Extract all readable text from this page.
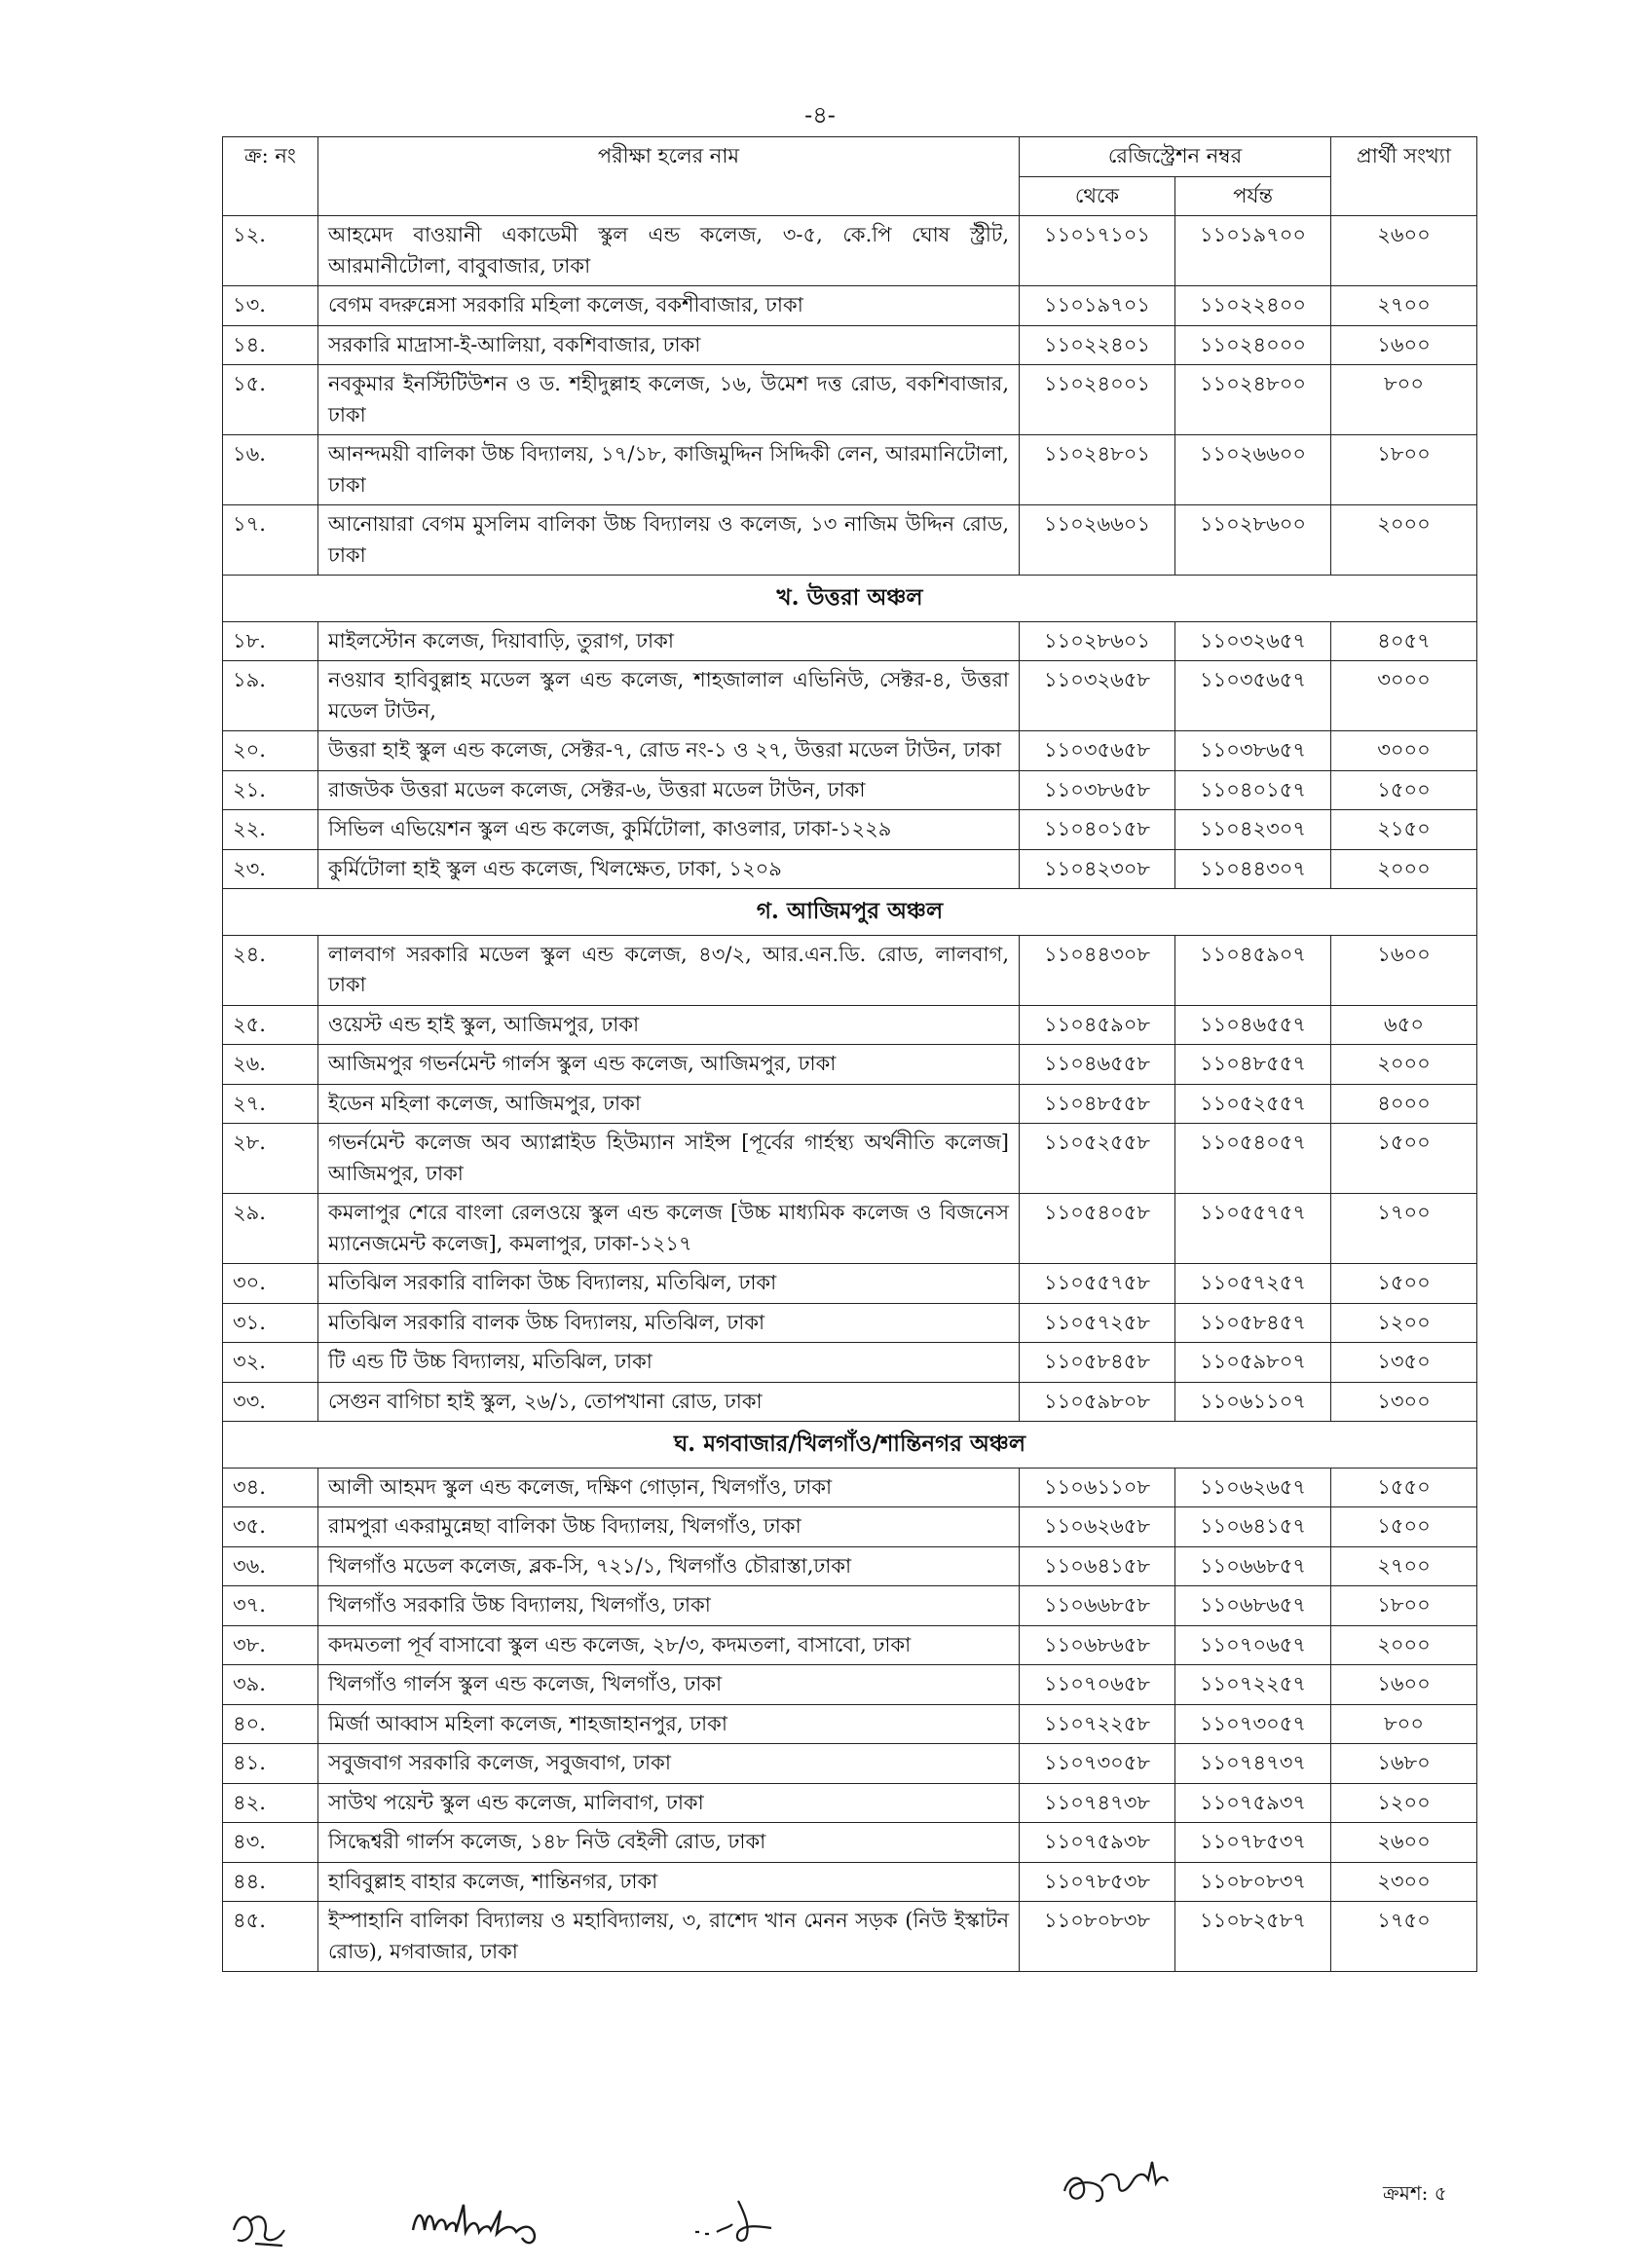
-৪-
ক্র: নং	পরীক্ষা হলের নাম	রেজিস্ট্রেশন নম্বর		প্রার্থী সংখ্যা
		থেকে	পর্যন্ত	
১২.	আহমেদ বাওয়ানী একাডেমী স্কুল এন্ড কলেজ, ৩-৫, কে.পি ঘোষ স্ট্রীট, আরমানীটোলা, বাবুবাজার, ঢাকা	১১০১৭১০১	১১০১৯৭০০	২৬০০
১৩.	বেগম বদরুন্নেসা সরকারি মহিলা কলেজ, বকশীবাজার, ঢাকা	১১০১৯৭০১	১১০২২৪০০	২৭০০
১৪.	সরকারি মাদ্রাসা-ই-আলিয়া, বকশিবাজার, ঢাকা	১১০২২৪০১	১১০২৪০০০	১৬০০
১৫.	নবকুমার ইনস্টিটিউশন ও ড. শহীদুল্লাহ কলেজ, ১৬, উমেশ দত্ত রোড, বকশিবাজার, ঢাকা	১১০২৪০০১	১১০২৪৮০০	৮০০
১৬.	আনন্দময়ী বালিকা উচ্চ বিদ্যালয়, ১৭/১৮, কাজিমুদ্দিন সিদ্দিকী লেন, আরমানিটোলা, ঢাকা	১১০২৪৮০১	১১০২৬৬০০	১৮০০
১৭.	আনোয়ারা বেগম মুসলিম বালিকা উচ্চ বিদ্যালয় ও কলেজ, ১৩ নাজিম উদ্দিন রোড, ঢাকা	১১০২৬৬০১	১১০২৮৬০০	২০০০
খ. উত্তরা অঞ্চল				
১৮.	মাইলস্টোন কলেজ, দিয়াবাড়ি, তুরাগ, ঢাকা	১১০২৮৬০১	১১০৩২৬৫৭	৪০৫৭
১৯.	নওয়াব হাবিবুল্লাহ মডেল স্কুল এন্ড কলেজ, শাহজালাল এভিনিউ, সেক্টর-৪, উত্তরা মডেল টাউন,	১১০৩২৬৫৮	১১০৩৫৬৫৭	৩০০০
২০.	উত্তরা হাই স্কুল এন্ড কলেজ, সেক্টর-৭, রোড নং-১ ও ২৭, উত্তরা মডেল টাউন, ঢাকা	১১০৩৫৬৫৮	১১০৩৮৬৫৭	৩০০০
২১.	রাজউক উত্তরা মডেল কলেজ, সেক্টর-৬, উত্তরা মডেল টাউন, ঢাকা	১১০৩৮৬৫৮	১১০৪০১৫৭	১৫০০
২২.	সিভিল এভিয়েশন স্কুল এন্ড কলেজ, কুর্মিটোলা, কাওলার, ঢাকা-১২২৯	১১০৪০১৫৮	১১০৪২৩০৭	২১৫০
২৩.	কুর্মিটোলা হাই স্কুল এন্ড কলেজ, খিলক্ষেত, ঢাকা, ১২০৯	১১০৪২৩০৮	১১০৪৪৩০৭	২০০০
গ. আজিমপুর অঞ্চল				
২৪.	লালবাগ সরকারি মডেল স্কুল এন্ড কলেজ, ৪৩/২, আর.এন.ডি. রোড, লালবাগ, ঢাকা	১১০৪৪৩০৮	১১০৪৫৯০৭	১৬০০
২৫.	ওয়েস্ট এন্ড হাই স্কুল, আজিমপুর, ঢাকা	১১০৪৫৯০৮	১১০৪৬৫৫৭	৬৫০
২৬.	আজিমপুর গভর্নমেন্ট গার্লস স্কুল এন্ড কলেজ, আজিমপুর, ঢাকা	১১০৪৬৫৫৮	১১০৪৮৫৫৭	২০০০
২৭.	ইডেন মহিলা কলেজ, আজিমপুর, ঢাকা	১১০৪৮৫৫৮	১১০৫২৫৫৭	৪০০০
২৮.	গভর্নমেন্ট কলেজ অব অ্যাপ্লাইড হিউম্যান সাইন্স [পূর্বের গার্হস্থ্য অর্থনীতি কলেজ] আজিমপুর, ঢাকা	১১০৫২৫৫৮	১১০৫৪০৫৭	১৫০০
২৯.	কমলাপুর শেরে বাংলা রেলওয়ে স্কুল এন্ড কলেজ [উচ্চ মাধ্যমিক কলেজ ও বিজনেস ম্যানেজমেন্ট কলেজ], কমলাপুর, ঢাকা-১২১৭	১১০৫৪০৫৮	১১০৫৫৭৫৭	১৭০০
৩০.	মতিঝিল সরকারি বালিকা উচ্চ বিদ্যালয়, মতিঝিল, ঢাকা	১১০৫৫৭৫৮	১১০৫৭২৫৭	১৫০০
৩১.	মতিঝিল সরকারি বালক উচ্চ বিদ্যালয়, মতিঝিল, ঢাকা	১১০৫৭২৫৮	১১০৫৮৪৫৭	১২০০
৩২.	টি এন্ড টি উচ্চ বিদ্যালয়, মতিঝিল, ঢাকা	১১০৫৮৪৫৮	১১০৫৯৮০৭	১৩৫০
৩৩.	সেগুন বাগিচা হাই স্কুল, ২৬/১, তোপখানা রোড, ঢাকা	১১০৫৯৮০৮	১১০৬১১০৭	১৩০০
ঘ. মগবাজার/খিলগাঁও/শান্তিনগর অঞ্চল				
৩৪.	আলী আহমদ স্কুল এন্ড কলেজ, দক্ষিণ গোড়ান, খিলগাঁও, ঢাকা	১১০৬১১০৮	১১০৬২৬৫৭	১৫৫০
৩৫.	রামপুরা একরামুন্নেছা বালিকা উচ্চ বিদ্যালয়, খিলগাঁও, ঢাকা	১১০৬২৬৫৮	১১০৬৪১৫৭	১৫০০
৩৬.	খিলগাঁও মডেল কলেজ, ব্লক-সি, ৭২১/১, খিলগাঁও চৌরাস্তা,ঢাকা	১১০৬৪১৫৮	১১০৬৬৮৫৭	২৭০০
৩৭.	খিলগাঁও সরকারি উচ্চ বিদ্যালয়, খিলগাঁও, ঢাকা	১১০৬৬৮৫৮	১১০৬৮৬৫৭	১৮০০
৩৮.	কদমতলা পূর্ব বাসাবো স্কুল এন্ড কলেজ, ২৮/৩, কদমতলা, বাসাবো, ঢাকা	১১০৬৮৬৫৮	১১০৭০৬৫৭	২০০০
৩৯.	খিলগাঁও গার্লস স্কুল এন্ড কলেজ, খিলগাঁও, ঢাকা	১১০৭০৬৫৮	১১০৭২২৫৭	১৬০০
৪০.	মির্জা আব্বাস মহিলা কলেজ, শাহজাহানপুর, ঢাকা	১১০৭২২৫৮	১১০৭৩০৫৭	৮০০
৪১.	সবুজবাগ সরকারি কলেজ, সবুজবাগ, ঢাকা	১১০৭৩০৫৮	১১০৭৪৭৩৭	১৬৮০
৪২.	সাউথ পয়েন্ট স্কুল এন্ড কলেজ, মালিবাগ, ঢাকা	১১০৭৪৭৩৮	১১০৭৫৯৩৭	১২০০
৪৩.	সিদ্ধেশ্বরী গার্লস কলেজ, ১৪৮ নিউ বেইলী রোড, ঢাকা	১১০৭৫৯৩৮	১১০৭৮৫৩৭	২৬০০
৪৪.	হাবিবুল্লাহ বাহার কলেজ, শান্তিনগর, ঢাকা	১১০৭৮৫৩৮	১১০৮০৮৩৭	২৩০০
৪৫.	ইস্পাহানি বালিকা বিদ্যালয় ও মহাবিদ্যালয়, ৩, রাশেদ খান মেনন সড়ক (নিউ ইস্কাটন রোড), মগবাজার, ঢাকা	১১০৮০৮৩৮	১১০৮২৫৮৭	১৭৫০
ক্রমশ: ৫
